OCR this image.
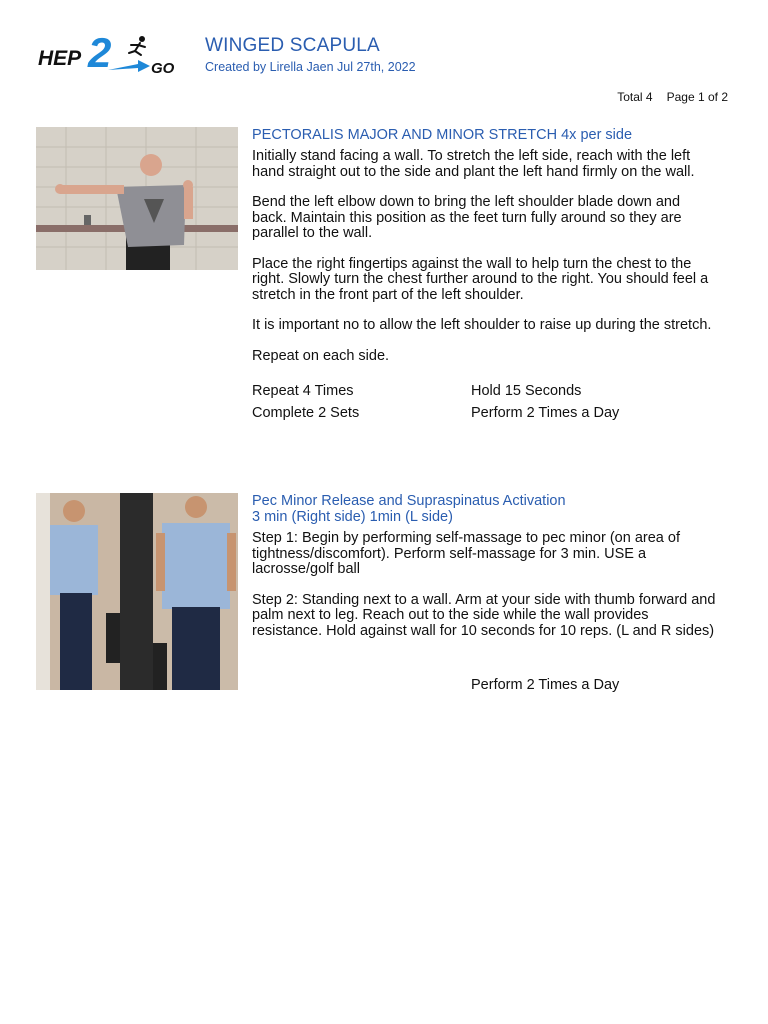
HEP 2	GO
WINGED SCAPULA
Created by Lirella Jaen Jul 27th, 2022
Total 4 Page 1 of 2
PECTORALIS MAJOR AND MINOR STRETCH 4x per side

Initially stand facing a wall. To stretch the left side, reach with the left hand straight out to the side and plant the left hand firmly on the wall.

Bend the left elbow down to bring the left shoulder blade down and back. Maintain this position as the feet turn fully around so they are parallel to the wall.

Place the right fingertips against the wall to help turn the chest to the right. Slowly turn the chest further around to the right. You should feel a stretch in the front part of the left shoulder.

It is important no to allow the left shoulder to raise up during the stretch.

Repeat on each side.

Repeat 4 Times	Hold 15 Seconds
Complete 2 Sets	Perform 2 Times a Day
Pec Minor Release and Supraspinatus Activation
3 min (Right side) 1min (L side)

Step 1: Begin by performing self-massage to pec minor (on area of tightness/discomfort). Perform self-massage for 3 min. USE a lacrosse/golf ball

Step 2: Standing next to a wall. Arm at your side with thumb forward and palm next to leg. Reach out to the side while the wall provides resistance. Hold against wall for 10 seconds for 10 reps. (L and R sides)

Perform 2 Times a Day
